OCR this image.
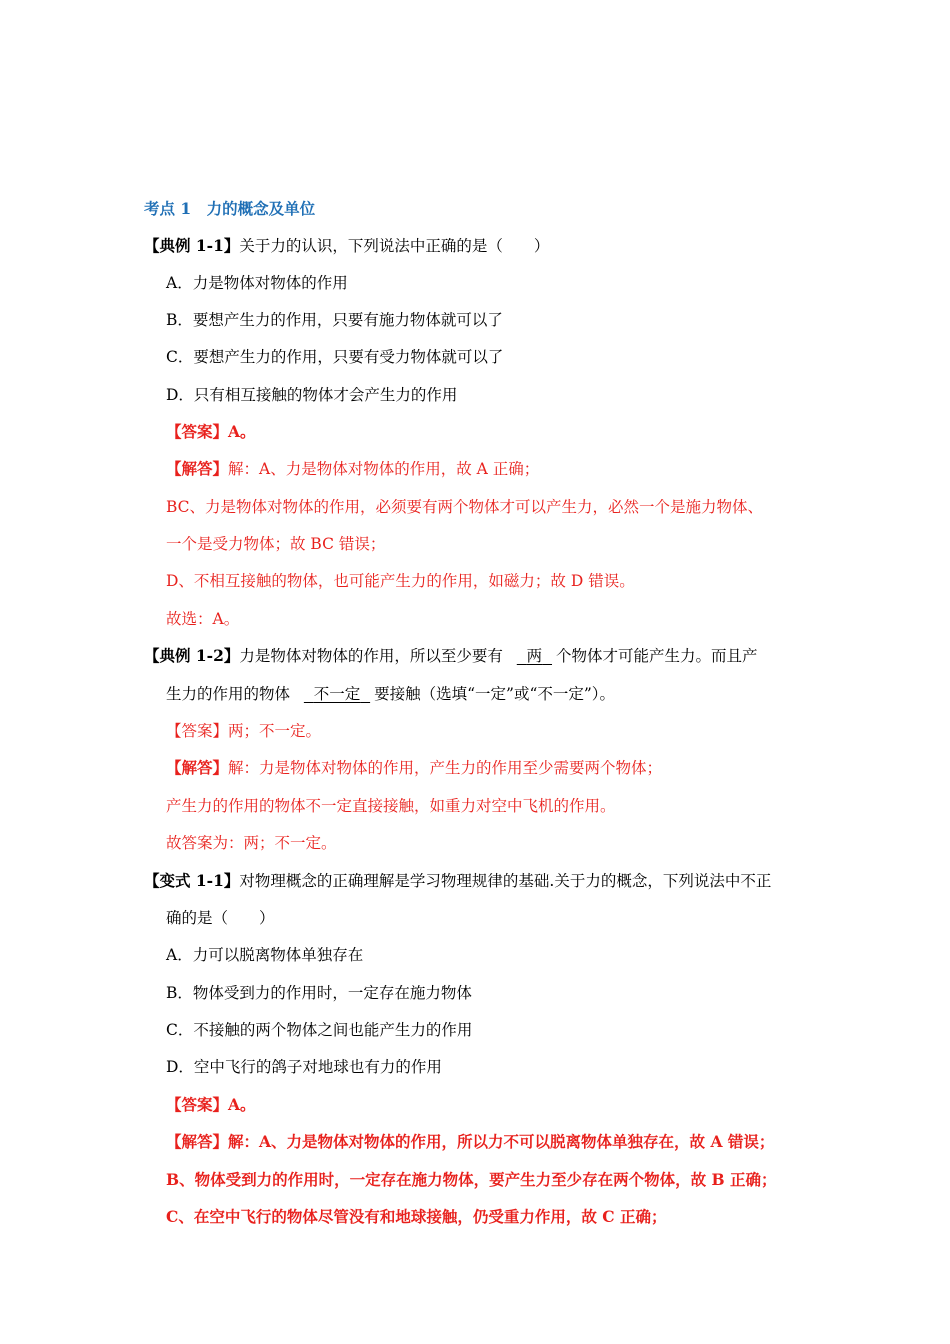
考点 1　力的概念及单位
【典例 1-1】关于力的认识，下列说法中正确的是（　　）
A．力是物体对物体的作用
B．要想产生力的作用，只要有施力物体就可以了
C．要想产生力的作用，只要有受力物体就可以了
D．只有相互接触的物体才会产生力的作用
【答案】A。
【解答】解：A、力是物体对物体的作用，故 A 正确；
BC、力是物体对物体的作用，必须要有两个物体才可以产生力，必然一个是施力物体、
一个是受力物体；故 BC 错误；
D、不相互接触的物体，也可能产生力的作用，如磁力；故 D 错误。
故选：A。
【典例 1-2】力是物体对物体的作用，所以至少要有 两 个物体才可能产生力。而且产
生力的作用的物体 不一定 要接触（选填“一定”或“不一定”）。
【答案】两；不一定。
【解答】解：力是物体对物体的作用，产生力的作用至少需要两个物体；
产生力的作用的物体不一定直接接触，如重力对空中飞机的作用。
故答案为：两；不一定。
【变式 1-1】对物理概念的正确理解是学习物理规律的基础.关于力的概念，下列说法中不正
确的是（　　）
A．力可以脱离物体单独存在
B．物体受到力的作用时，一定存在施力物体
C．不接触的两个物体之间也能产生力的作用
D．空中飞行的鸽子对地球也有力的作用
【答案】A。
【解答】解：A、力是物体对物体的作用，所以力不可以脱离物体单独存在，故 A 错误；
B、物体受到力的作用时，一定存在施力物体，要产生力至少存在两个物体，故 B 正确；
C、在空中飞行的物体尽管没有和地球接触，仍受重力作用，故 C 正确；
